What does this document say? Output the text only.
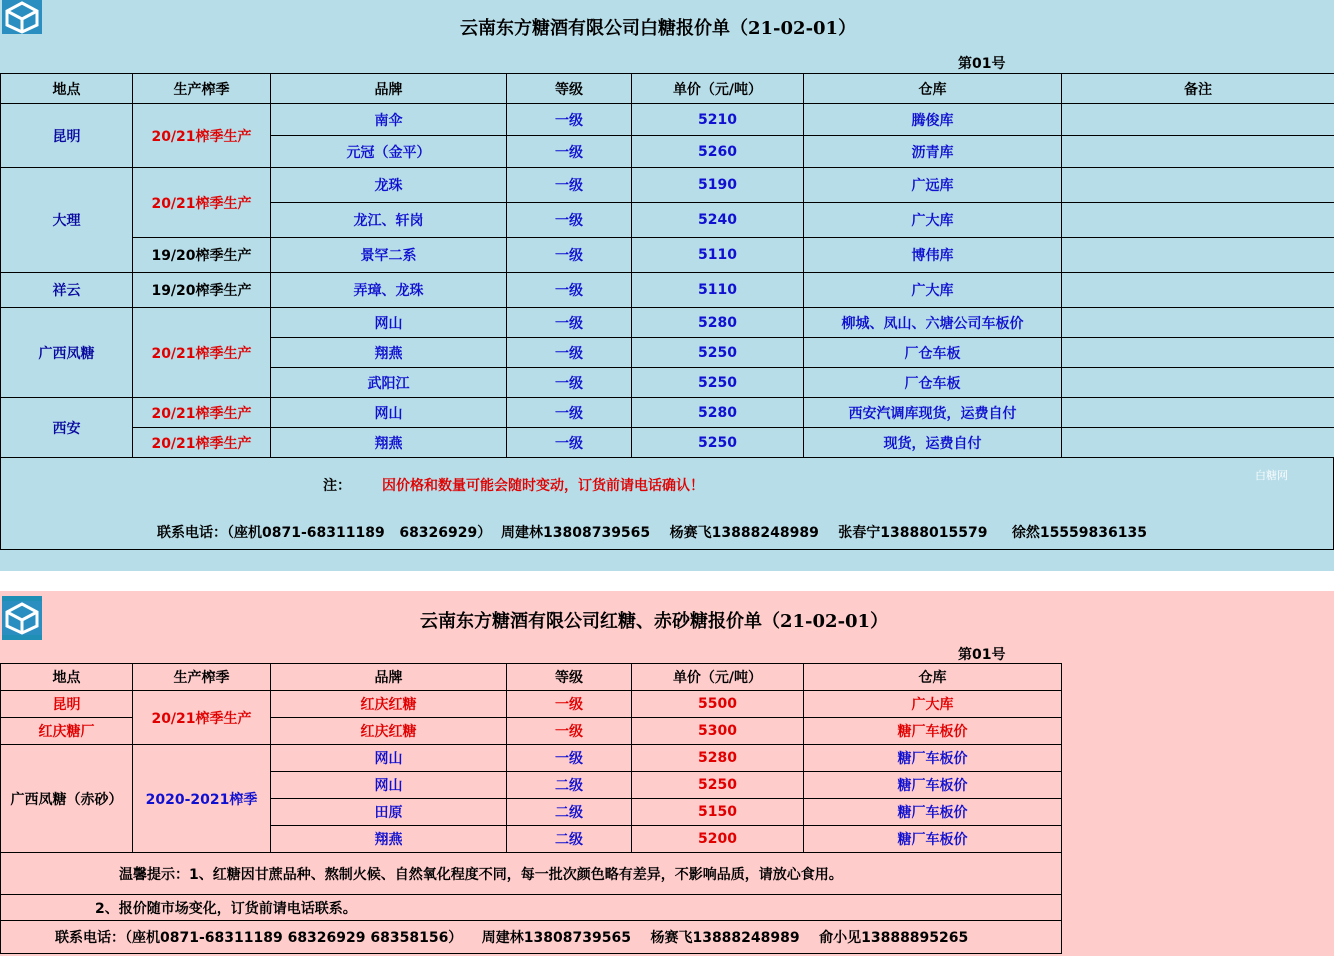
云南东方糖酒有限公司白糖报价单（21-02-01）
第01号
地点	生产榨季	品牌	等级	单价（元/吨）	仓库	备注
昆明	20/21榨季生产	南伞	一级	5210	腾俊库	
		元冠（金平）	一级	5260	沥青库	
大理	20/21榨季生产	龙珠	一级	5190	广远库	
		龙江、轩岗	一级	5240	广大库	
	19/20榨季生产	景罕二系	一级	5110	博伟库	
祥云	19/20榨季生产	弄璋、龙珠	一级	5110	广大库	
广西凤糖	20/21榨季生产	网山	一级	5280	柳城、凤山、六塘公司车板价	
		翔燕	一级	5250	厂仓车板	
		武阳江	一级	5250	厂仓车板	
西安	20/21榨季生产	网山	一级	5280	西安汽调库现货，运费自付	
	20/21榨季生产	翔燕	一级	5250	现货，运费自付	
注： 因价格和数量可能会随时变动，订货前请电话确认！
白糖网
联系电话：（座机0871-68311189   68326929）  周建林13808739565    杨赛飞13888248989    张春宁13888015579     徐然15559836135
云南东方糖酒有限公司红糖、赤砂糖报价单（21-02-01）
第01号
地点	生产榨季	品牌	等级	单价（元/吨）	仓库
昆明	20/21榨季生产	红庆红糖	一级	5500	广大库
红庆糖厂		红庆红糖	一级	5300	糖厂车板价
广西凤糖（赤砂）	2020-2021榨季	网山	一级	5280	糖厂车板价
		网山	二级	5250	糖厂车板价
		田原	二级	5150	糖厂车板价
		翔燕	二级	5200	糖厂车板价
温馨提示：1、红糖因甘蔗品种、熬制火候、自然氧化程度不同，每一批次颜色略有差异，不影响品质，请放心食用。					
2、报价随市场变化，订货前请电话联系。					
联系电话：（座机0871-68311189 68326929 68358156）    周建林13808739565    杨赛飞13888248989    俞小见13888895265					
